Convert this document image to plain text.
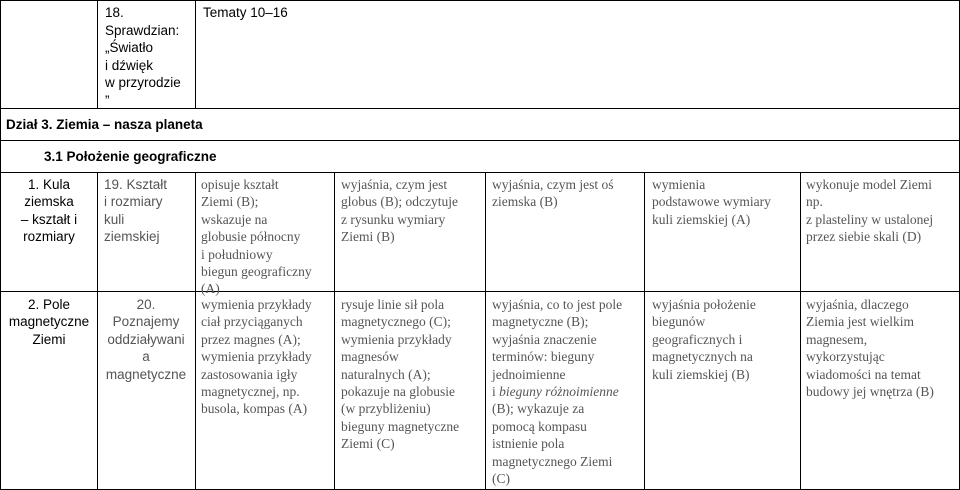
18.
Sprawdzian:
„Światło
i dźwięk
w przyrodzie
”
Tematy 10–16
Dział 3. Ziemia – nasza planeta
3.1 Położenie geograficzne
1. Kula
ziemska
– kształt i
rozmiary
19. Kształt
i rozmiary
kuli
ziemskiej
opisuje kształt
Ziemi (B);
wskazuje na
globusie północny
i południowy
biegun geograficzny
(A)
wyjaśnia, czym jest
globus (B); odczytuje
z rysunku wymiary
Ziemi (B)
wyjaśnia, czym jest oś
ziemska (B)
wymienia
podstawowe wymiary
kuli ziemskiej (A)
wykonuje model Ziemi
np.
z plasteliny w ustalonej
przez siebie skali (D)
2. Pole
magnetyczne
Ziemi
20.
Poznajemy
oddziaływani
a
magnetyczne
wymienia przykłady
ciał przyciąganych
przez magnes (A);
wymienia przykłady
zastosowania igły
magnetycznej, np.
busola, kompas (A)
rysuje linie sił pola
magnetycznego (C);
wymienia przykłady
magnesów
naturalnych (A);
pokazuje na globusie
(w przybliżeniu)
bieguny magnetyczne
Ziemi (C)
wyjaśnia, co to jest pole
magnetyczne (B);
wyjaśnia znaczenie
terminów: bieguny
jednoimienne
i bieguny różnoimienne
(B); wykazuje za
pomocą kompasu
istnienie pola
magnetycznego Ziemi
(C)
wyjaśnia położenie
biegunów
geograficznych i
magnetycznych na
kuli ziemskiej (B)
wyjaśnia, dlaczego
Ziemia jest wielkim
magnesem,
wykorzystując
wiadomości na temat
budowy jej wnętrza (B)
